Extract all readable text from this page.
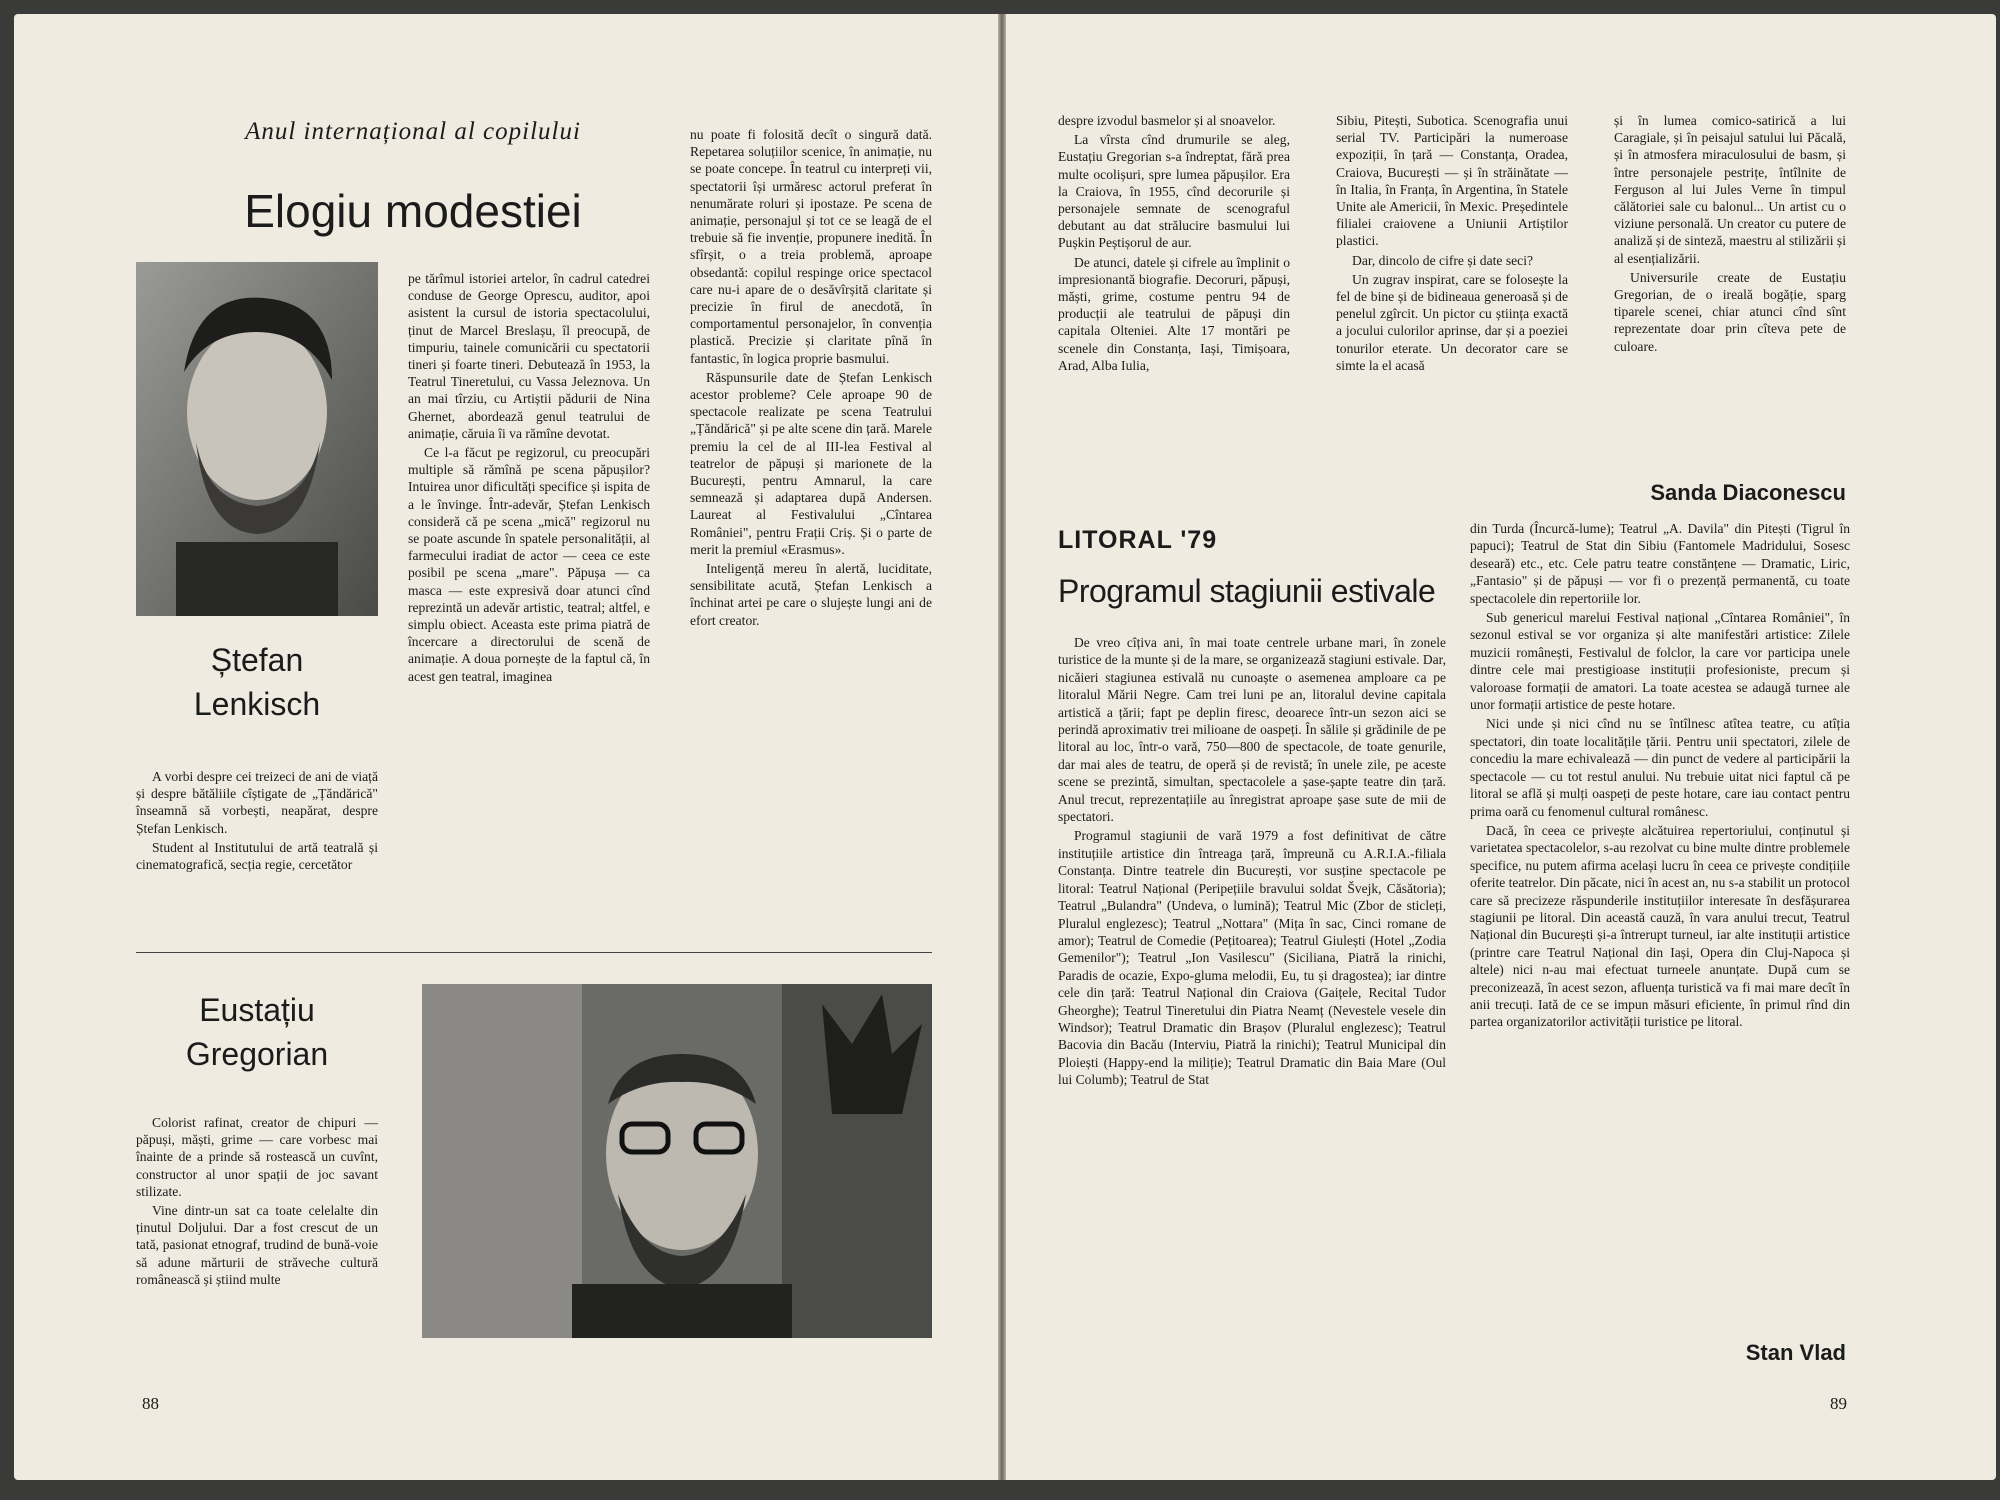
Anul internațional al copilului
Elogiu modestiei
Ștefan
Lenkisch

A vorbi despre cei treizeci de ani de viață și despre bătăliile cîștigate de „Țăndărică" înseamnă să vorbești, neapărat, despre Ștefan Lenkisch.

Student al Institutului de artă teatrală și cinematografică, secția regie, cercetător

pe tărîmul istoriei artelor, în cadrul catedrei conduse de George Oprescu, auditor, apoi asistent la cursul de istoria spectacolului, ținut de Marcel Breslașu, îl preocupă, de timpuriu, tainele comunicării cu spectatorii tineri și foarte tineri. Debutează în 1953, la Teatrul Tineretului, cu Vassa Jeleznova. Un an mai tîrziu, cu Artiștii pădurii de Nina Ghernet, abordează genul teatrului de animație, căruia îi va rămîne devotat.

Ce l-a făcut pe regizorul, cu preocupări multiple să rămînă pe scena păpușilor? Intuirea unor dificultăți specifice și ispita de a le învinge. Într-adevăr, Ștefan Lenkisch consideră că pe scena „mică" regizorul nu se poate ascunde în spatele personalității, al farmecului iradiat de actor — ceea ce este posibil pe scena „mare". Păpușa — ca masca — este expresivă doar atunci cînd reprezintă un adevăr artistic, teatral; altfel, e simplu obiect. Aceasta este prima piatră de încercare a directorului de scenă de animație. A doua pornește de la faptul că, în acest gen teatral, imaginea

nu poate fi folosită decît o singură dată. Repetarea soluțiilor scenice, în animație, nu se poate concepe. În teatrul cu interpreți vii, spectatorii își urmăresc actorul preferat în nenumărate roluri și ipostaze. Pe scena de animație, personajul și tot ce se leagă de el trebuie să fie invenție, propunere inedită. În sfîrșit, o a treia problemă, aproape obsedantă: copilul respinge orice spectacol care nu-i apare de o desăvîrșită claritate și precizie în firul de anecdotă, în comportamentul personajelor, în convenția plastică. Precizie și claritate pînă în fantastic, în logica proprie basmului.

Răspunsurile date de Ștefan Lenkisch acestor probleme? Cele aproape 90 de spectacole realizate pe scena Teatrului „Țăndărică" și pe alte scene din țară. Marele premiu la cel de al III-lea Festival al teatrelor de păpuși și marionete de la București, pentru Amnarul, la care semnează și adaptarea după Andersen. Laureat al Festivalului „Cîntarea României", pentru Frații Criș. Și o parte de merit la premiul «Erasmus».

Inteligență mereu în alertă, luciditate, sensibilitate acută, Ștefan Lenkisch a închinat artei pe care o slujește lungi ani de efort creator.

Eustațiu
Gregorian

Colorist rafinat, creator de chipuri — păpuși, măști, grime — care vorbesc mai înainte de a prinde să rostească un cuvînt, constructor al unor spații de joc savant stilizate.

Vine dintr-un sat ca toate celelalte din ținutul Doljului. Dar a fost crescut de un tată, pasionat etnograf, trudind de bună-voie să adune mărturii de străveche cultură românească și știind multe

88

despre izvodul basmelor și al snoavelor.

La vîrsta cînd drumurile se aleg, Eustațiu Gregorian s-a îndreptat, fără prea multe ocolișuri, spre lumea păpușilor. Era la Craiova, în 1955, cînd decorurile și personajele semnate de scenograful debutant au dat strălucire basmului lui Pușkin Peștișorul de aur.

De atunci, datele și cifrele au împlinit o impresionantă biografie. Decoruri, păpuși, măști, grime, costume pentru 94 de producții ale teatrului de păpuși din capitala Olteniei. Alte 17 montări pe scenele din Constanța, Iași, Timișoara, Arad, Alba Iulia,

Sibiu, Pitești, Subotica. Scenografia unui serial TV. Participări la numeroase expoziții, în țară — Constanța, Oradea, Craiova, București — și în străinătate — în Italia, în Franța, în Argentina, în Statele Unite ale Americii, în Mexic. Președintele filialei craiovene a Uniunii Artiștilor plastici.

Dar, dincolo de cifre și date seci?

Un zugrav inspirat, care se folosește la fel de bine și de bidineaua generoasă și de penelul zgîrcit. Un pictor cu știința exactă a jocului culorilor aprinse, dar și a poeziei tonurilor eterate. Un decorator care se simte la el acasă

și în lumea comico-satirică a lui Caragiale, și în peisajul satului lui Păcală, și în atmosfera miraculosului de basm, și între personajele pestrițe, întîlnite de Ferguson al lui Jules Verne în timpul călătoriei sale cu balonul... Un artist cu o viziune personală. Un creator cu putere de analiză și de sinteză, maestru al stilizării și al esențializării.

Universurile create de Eustațiu Gregorian, de o ireală bogăție, sparg tiparele scenei, chiar atunci cînd sînt reprezentate doar prin cîteva pete de culoare.

Sanda Diaconescu
LITORAL '79
Programul stagiunii estivale

De vreo cîțiva ani, în mai toate centrele urbane mari, în zonele turistice de la munte și de la mare, se organizează stagiuni estivale. Dar, nicăieri stagiunea estivală nu cunoaște o asemenea amploare ca pe litoralul Mării Negre. Cam trei luni pe an, litoralul devine capitala artistică a țării; fapt pe deplin firesc, deoarece într-un sezon aici se perindă aproximativ trei milioane de oaspeți. În sălile și grădinile de pe litoral au loc, într-o vară, 750—800 de spectacole, de toate genurile, dar mai ales de teatru, de operă și de revistă; în unele zile, pe aceste scene se prezintă, simultan, spectacolele a șase-șapte teatre din țară. Anul trecut, reprezentațiile au înregistrat aproape șase sute de mii de spectatori.

Programul stagiunii de vară 1979 a fost definitivat de către instituțiile artistice din întreaga țară, împreună cu A.R.I.A.-filiala Constanța. Dintre teatrele din București, vor susține spectacole pe litoral: Teatrul Național (Peripețiile bravului soldat Švejk, Căsătoria); Teatrul „Bulandra" (Undeva, o lumină); Teatrul Mic (Zbor de sticleți, Pluralul englezesc); Teatrul „Nottara" (Mița în sac, Cinci romane de amor); Teatrul de Comedie (Pețitoarea); Teatrul Giulești (Hotel „Zodia Gemenilor"); Teatrul „Ion Vasilescu" (Siciliana, Piatră la rinichi, Paradis de ocazie, Expo-gluma melodii, Eu, tu și dragostea); iar dintre cele din țară: Teatrul Național din Craiova (Gaițele, Recital Tudor Gheorghe); Teatrul Tineretului din Piatra Neamț (Nevestele vesele din Windsor); Teatrul Dramatic din Brașov (Pluralul englezesc); Teatrul Bacovia din Bacău (Interviu, Piatră la rinichi); Teatrul Municipal din Ploiești (Happy-end la miliție); Teatrul Dramatic din Baia Mare (Oul lui Columb); Teatrul de Stat

din Turda (Încurcă-lume); Teatrul „A. Davila" din Pitești (Tigrul în papuci); Teatrul de Stat din Sibiu (Fantomele Madridului, Sosesc deseară) etc., etc. Cele patru teatre constănțene — Dramatic, Liric, „Fantasio" și de păpuși — vor fi o prezență permanentă, cu toate spectacolele din repertoriile lor.

Sub genericul marelui Festival național „Cîntarea României", în sezonul estival se vor organiza și alte manifestări artistice: Zilele muzicii românești, Festivalul de folclor, la care vor participa unele dintre cele mai prestigioase instituții profesioniste, precum și valoroase formații de amatori. La toate acestea se adaugă turnee ale unor formații artistice de peste hotare.

Nici unde și nici cînd nu se întîlnesc atîtea teatre, cu atîția spectatori, din toate localitățile țării. Pentru unii spectatori, zilele de concediu la mare echivalează — din punct de vedere al participării la spectacole — cu tot restul anului. Nu trebuie uitat nici faptul că pe litoral se află și mulți oaspeți de peste hotare, care iau contact pentru prima oară cu fenomenul cultural românesc.

Dacă, în ceea ce privește alcătuirea repertoriului, conținutul și varietatea spectacolelor, s-au rezolvat cu bine multe dintre problemele specifice, nu putem afirma același lucru în ceea ce privește condițiile oferite teatrelor. Din păcate, nici în acest an, nu s-a stabilit un protocol care să precizeze răspunderile instituțiilor interesate în desfășurarea stagiunii pe litoral. Din această cauză, în vara anului trecut, Teatrul Național din București și-a întrerupt turneul, iar alte instituții artistice (printre care Teatrul Național din Iași, Opera din Cluj-Napoca și altele) nici n-au mai efectuat turneele anunțate. După cum se preconizează, în acest sezon, afluența turistică va fi mai mare decît în anii trecuți. Iată de ce se impun măsuri eficiente, în primul rînd din partea organizatorilor activității turistice pe litoral.

Stan Vlad
89
